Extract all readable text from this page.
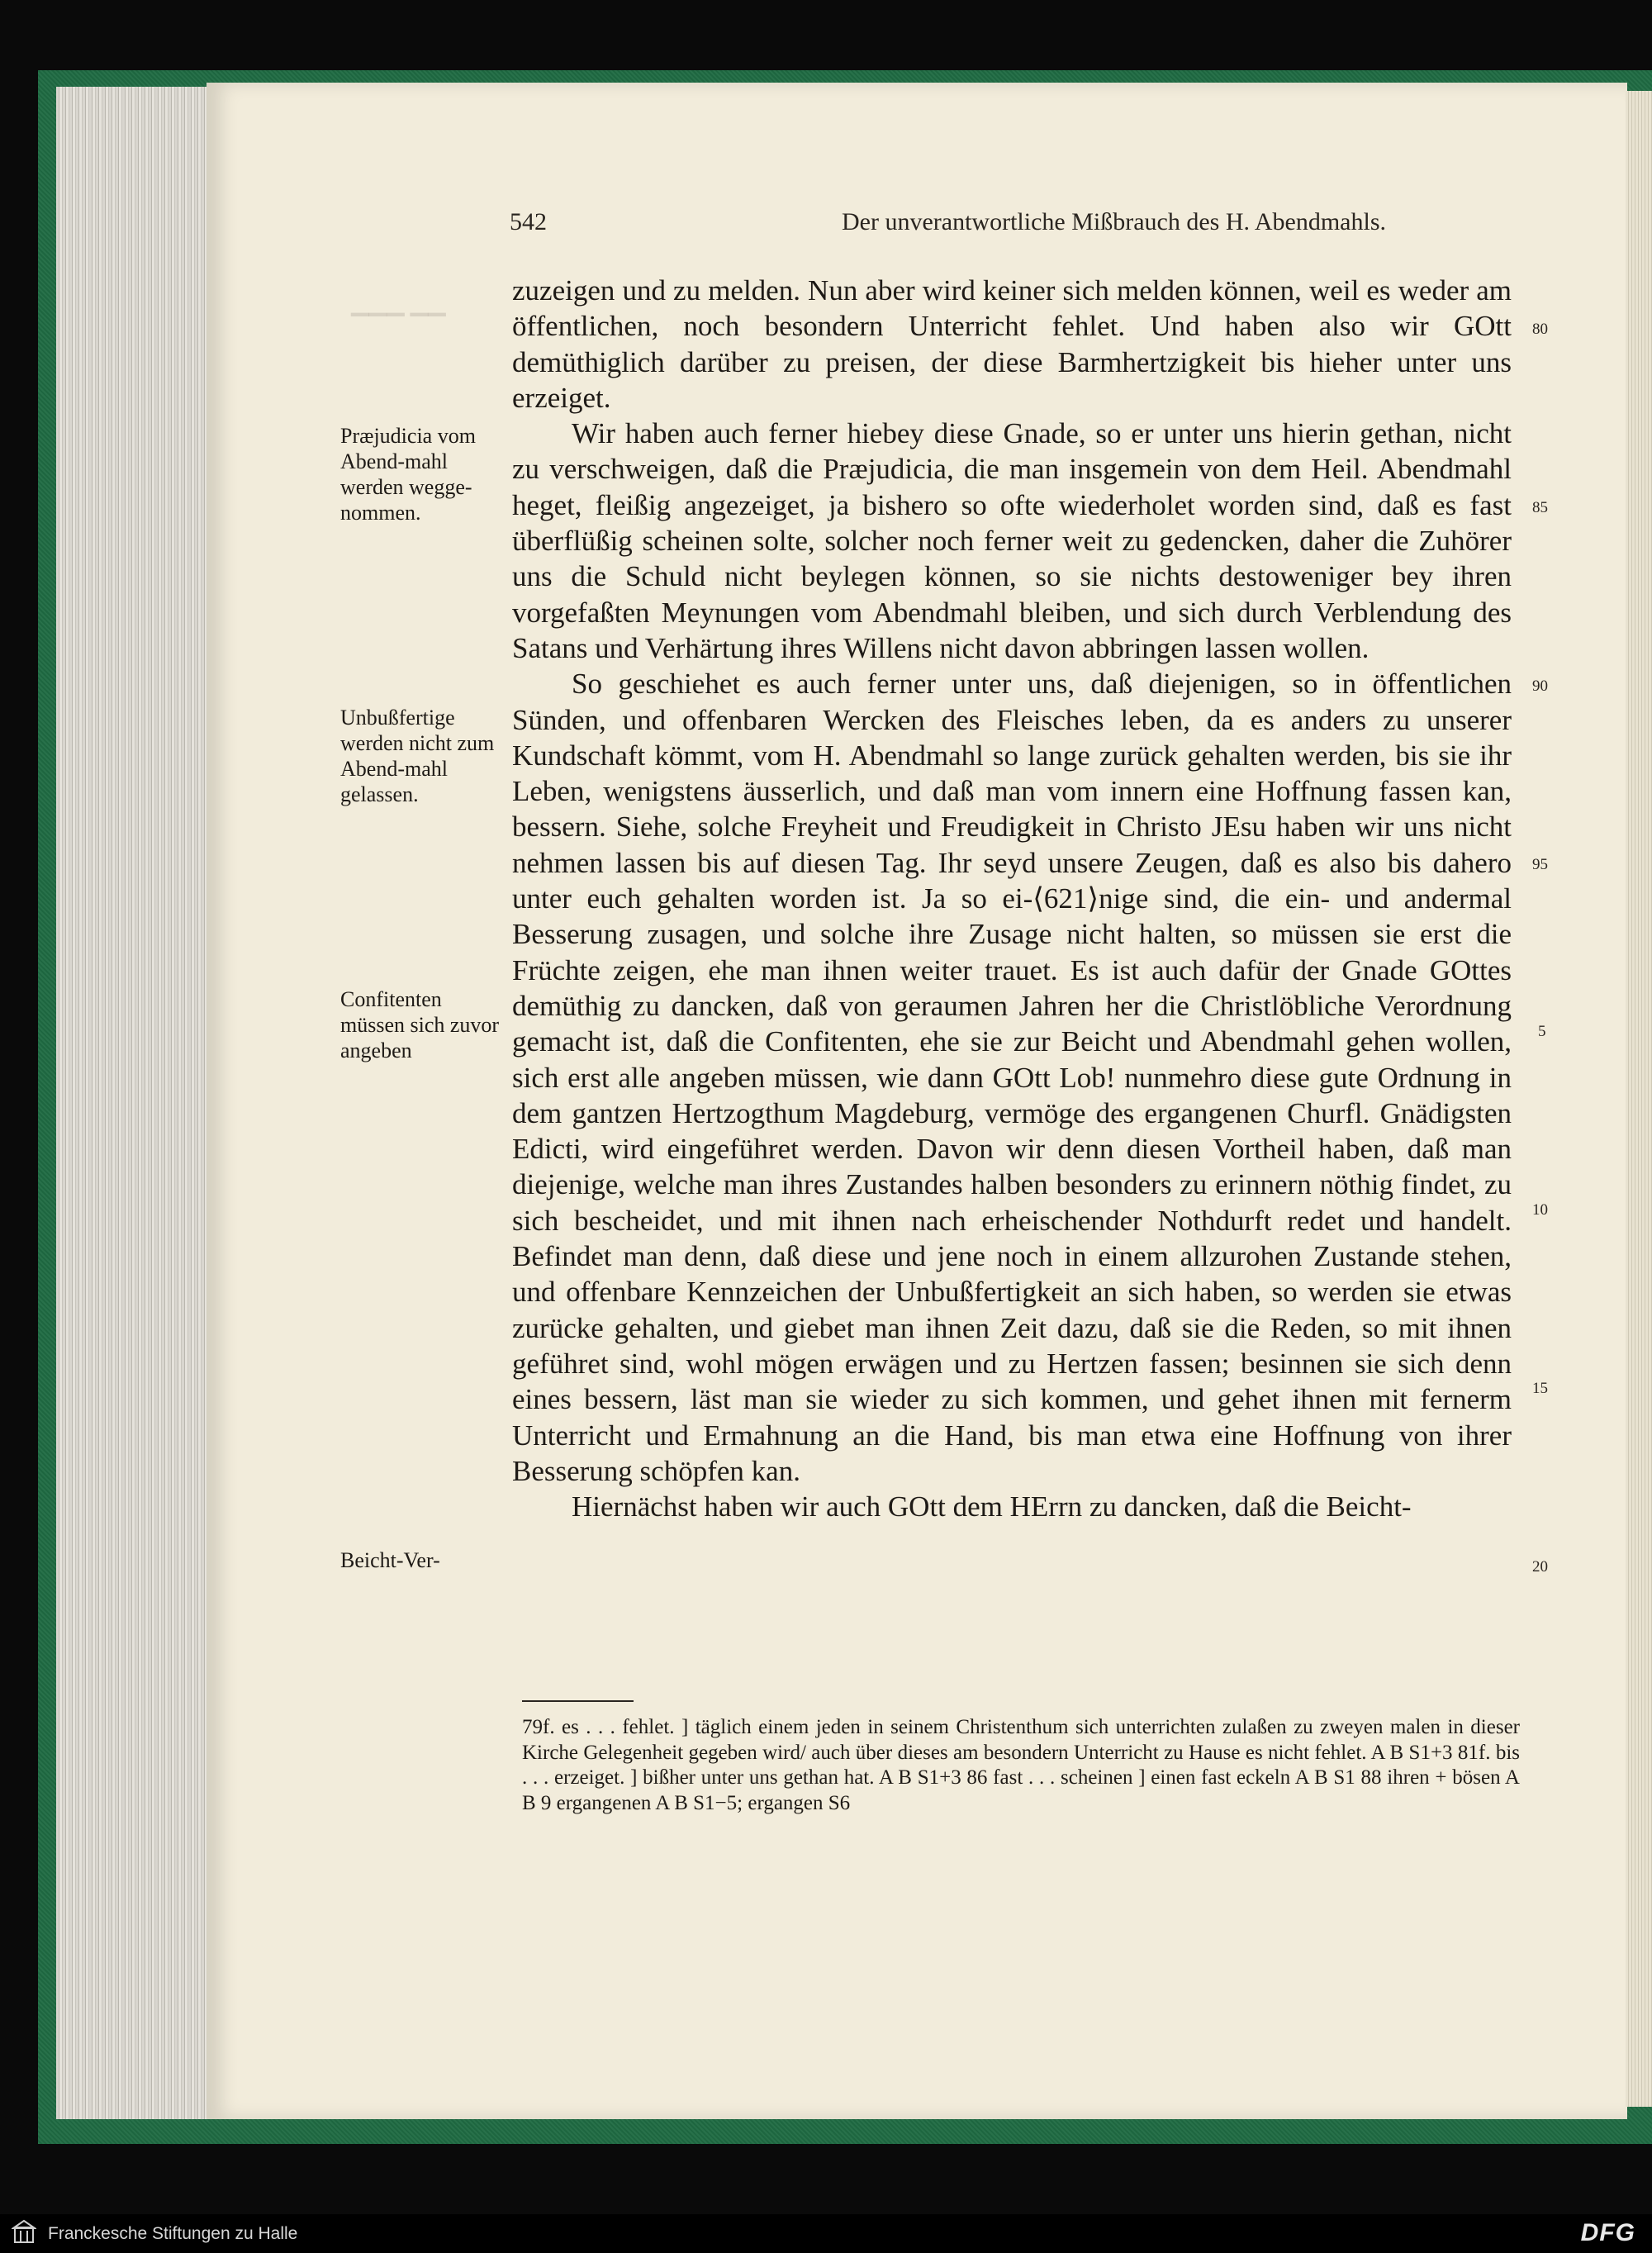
▁▁▁ ▁▁
542	Der unverantwortliche Mißbrauch des H. Abendmahls.
Præjudicia vom Abend-mahl werden wegge-nommen.
Unbußfertige werden nicht zum Abend-mahl gelassen.
Confitenten müssen sich zuvor angeben
Beicht-Ver-

zuzeigen und zu melden. Nun aber wird keiner sich melden können, weil es weder am öffentlichen, noch besondern Unterricht fehlet. Und haben also wir GOtt demüthiglich darüber zu preisen, der diese Barmhertzigkeit bis hieher unter uns erzeiget.

Wir haben auch ferner hiebey diese Gnade, so er unter uns hierin gethan, nicht zu verschweigen, daß die Præjudicia, die man insgemein von dem Heil. Abendmahl heget, fleißig angezeiget, ja bishero so ofte wiederholet worden sind, daß es fast überflüßig scheinen solte, solcher noch ferner weit zu gedencken, daher die Zuhörer uns die Schuld nicht beylegen können, so sie nichts destoweniger bey ihren vorgefaßten Meynungen vom Abendmahl bleiben, und sich durch Verblendung des Satans und Verhärtung ihres Willens nicht davon abbringen lassen wollen.

So geschiehet es auch ferner unter uns, daß diejenigen, so in öffentlichen Sünden, und offenbaren Wercken des Fleisches leben, da es anders zu unserer Kundschaft kömmt, vom H. Abendmahl so lange zurück gehalten werden, bis sie ihr Leben, wenigstens äusserlich, und daß man vom innern eine Hoffnung fassen kan, bessern. Siehe, solche Freyheit und Freudigkeit in Christo JEsu haben wir uns nicht nehmen lassen bis auf diesen Tag. Ihr seyd unsere Zeugen, daß es also bis dahero unter euch gehalten worden ist. Ja so ei-⟨621⟩nige sind, die ein- und andermal Besserung zusagen, und solche ihre Zusage nicht halten, so müssen sie erst die Früchte zeigen, ehe man ihnen weiter trauet. Es ist auch dafür der Gnade GOttes demüthig zu dancken, daß von geraumen Jahren her die Christlöbliche Verordnung gemacht ist, daß die Confitenten, ehe sie zur Beicht und Abendmahl gehen wollen, sich erst alle angeben müssen, wie dann GOtt Lob! nunmehro diese gute Ordnung in dem gantzen Hertzogthum Magdeburg, vermöge des ergangenen Churfl. Gnädigsten Edicti, wird eingeführet werden. Davon wir denn diesen Vortheil haben, daß man diejenige, welche man ihres Zustandes halben besonders zu erinnern nöthig findet, zu sich bescheidet, und mit ihnen nach erheischender Nothdurft redet und handelt. Befindet man denn, daß diese und jene noch in einem allzurohen Zustande stehen, und offenbare Kennzeichen der Unbußfertigkeit an sich haben, so werden sie etwas zurücke gehalten, und giebet man ihnen Zeit dazu, daß sie die Reden, so mit ihnen geführet sind, wohl mögen erwägen und zu Hertzen fassen; besinnen sie sich denn eines bessern, läst man sie wieder zu sich kommen, und gehet ihnen mit fernerm Unterricht und Ermahnung an die Hand, bis man etwa eine Hoffnung von ihrer Besserung schöpfen kan.

Hiernächst haben wir auch GOtt dem HErrn zu dancken, daß die Beicht-

80
85
90
95
5
10
15
20
79f. es . . . fehlet. ] täglich einem jeden in seinem Christenthum sich unterrichten zulaßen zu zweyen malen in dieser Kirche Gelegenheit gegeben wird/ auch über dieses am besondern Unterricht zu Hause es nicht fehlet. A B S1+3 81f. bis . . . erzeiget. ] bißher unter uns gethan hat. A B S1+3 86 fast . . . scheinen ] einen fast eckeln A B S1 88 ihren + bösen A B 9 ergangenen A B S1−5; ergangen S6
Franckesche Stiftungen zu Halle	DFG
